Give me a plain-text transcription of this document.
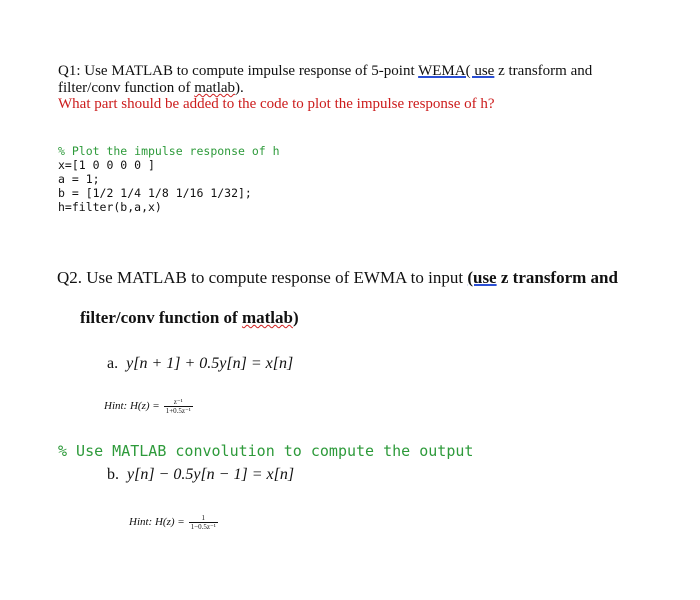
Q1: Use MATLAB to compute impulse response of 5-point WEMA( use z transform and
filter/conv function of matlab).
What part should be added to the code to plot the impulse response of h?
% Plot the impulse response of h
x=[1 0 0 0 0 ]
a = 1;
b = [1/2 1/4 1/8 1/16 1/32];
h=filter(b,a,x)
Q2. Use MATLAB to compute response of EWMA to input (use z transform and
filter/conv function of matlab)
a. y[n + 1] + 0.5y[n] = x[n]
Hint: $H(z) = \frac{\text{z⁻¹}}{\text{1+0.5z⁻¹}}$
% Use MATLAB convolution to compute the output
b. y[n] − 0.5y[n − 1] = x[n]
Hint: $H(z) = \frac{1}{\text{1−0.5z⁻¹}}$
